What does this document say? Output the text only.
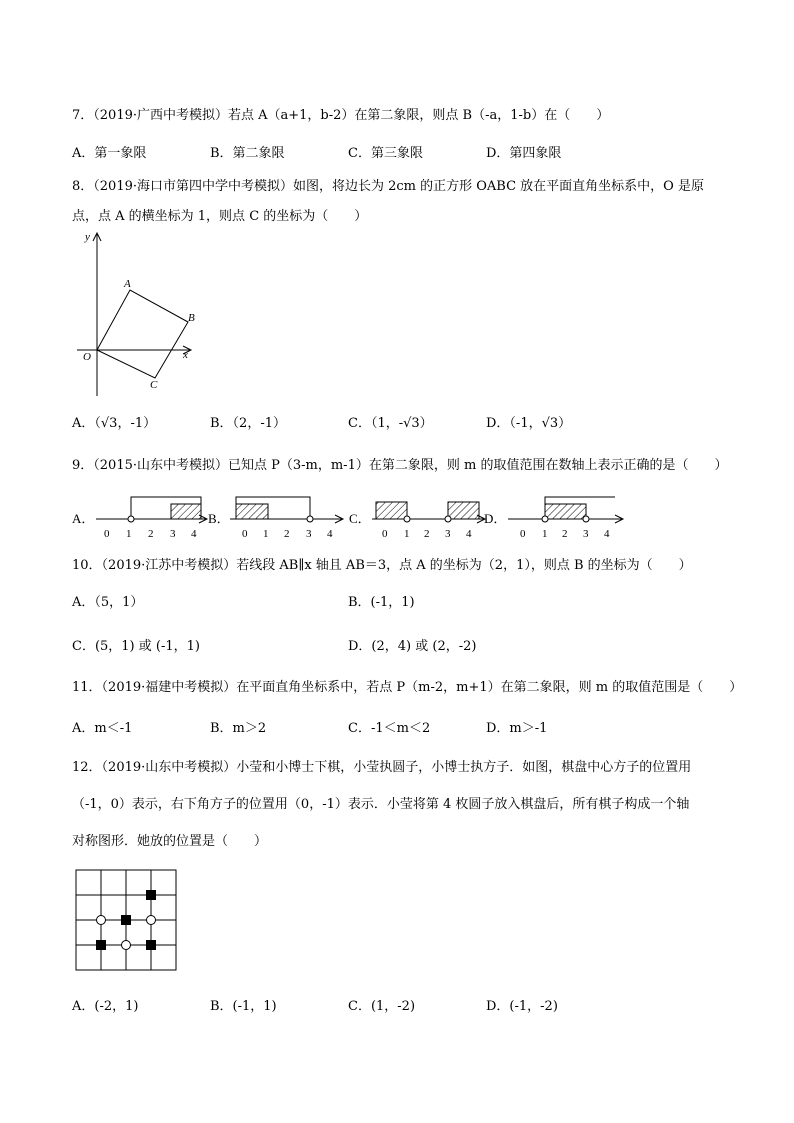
7．（2019·广西中考模拟）若点 A（a+1，b-2）在第二象限，则点 B（-a，1-b）在（　　）
A．第一象限	B．第二象限	C．第三象限	D．第四象限
8．（2019·海口市第四中学中考模拟）如图，将边长为 2cm 的正方形 OABC 放在平面直角坐标系中，O 是原
点，点 A 的横坐标为 1，则点 C 的坐标为（　　）
y
x
O
A
B
C
A．（√3，-1）	B．（2，-1）	C．（1，-√3）	D．（-1，√3）
9．（2015·山东中考模拟）已知点 P（3-m，m-1）在第二象限，则 m 的取值范围在数轴上表示正确的是（　　）
A．
0 1 2 3 4
B．
0 1 2 3 4
C．
0 1 2 3 4
D．
0 1 2 3 4
10．（2019·江苏中考模拟）若线段 AB∥x 轴且 AB＝3，点 A 的坐标为（2，1），则点 B 的坐标为（　　）
A．（5，1）	B．(-1，1)
C．(5，1) 或 (-1，1)	D．(2，4) 或 (2，-2)
11．（2019·福建中考模拟）在平面直角坐标系中，若点 P（m-2，m+1）在第二象限，则 m 的取值范围是（　　）
A．m＜-1	B．m＞2	C．-1＜m＜2	D．m＞-1
12．（2019·山东中考模拟）小莹和小博士下棋，小莹执圆子，小博士执方子．如图，棋盘中心方子的位置用
（-1，0）表示，右下角方子的位置用（0，-1）表示．小莹将第 4 枚圆子放入棋盘后，所有棋子构成一个轴
对称图形．她放的位置是（　　）
A．(-2，1)	B．(-1，1)	C．(1，-2)	D．(-1，-2)
